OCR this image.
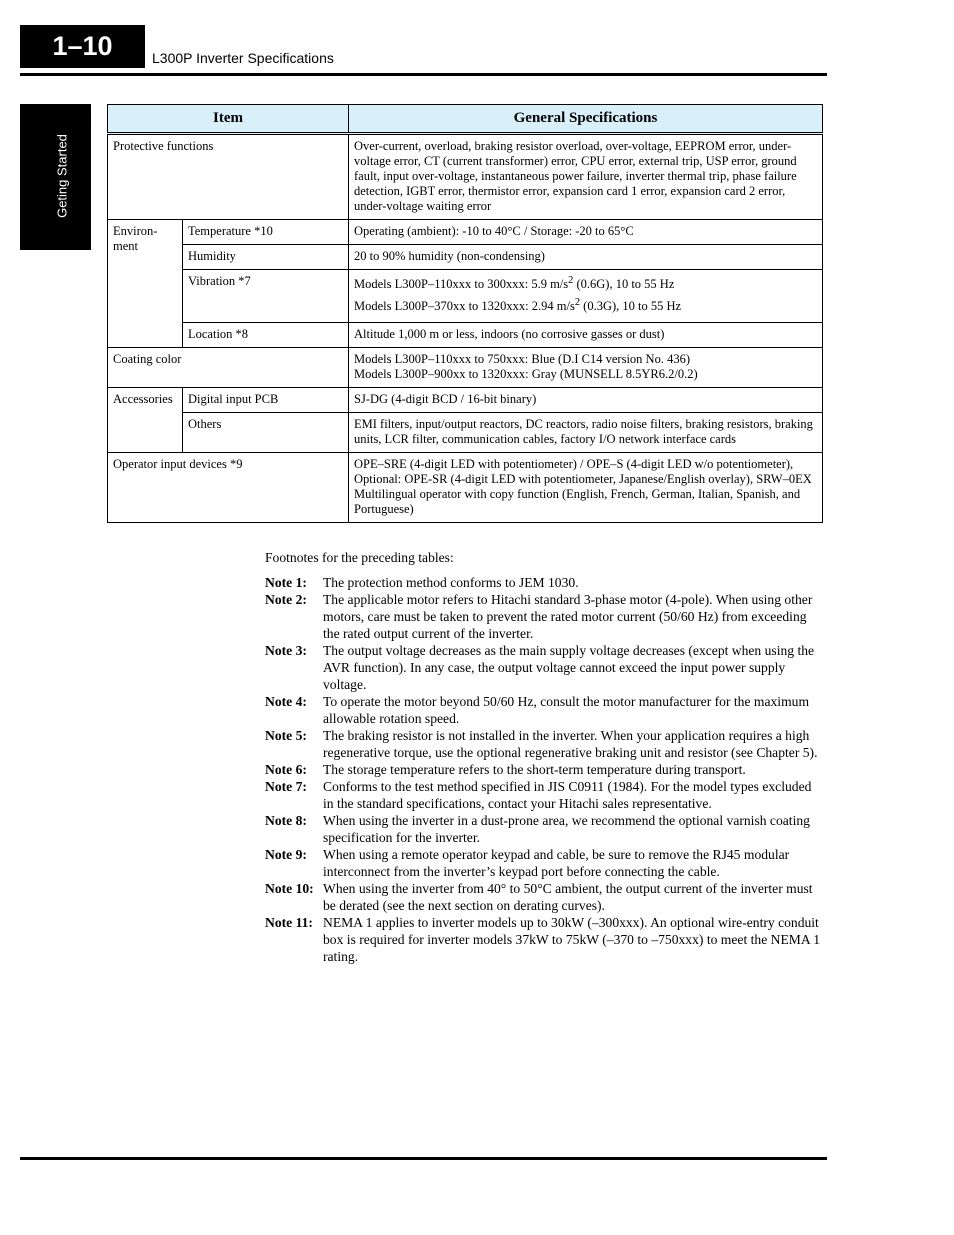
1–10	L300P Inverter Specifications
Geting Started
Item		General Specifications
Protective functions		Over-current, overload, braking resistor overload, over-voltage, EEPROM error, under-voltage error, CT (current transformer) error, CPU error, external trip, USP error, ground fault, input over-voltage, instantaneous power failure, inverter thermal trip, phase failure detection, IGBT error, thermistor error, expansion card 1 error, expansion card 2 error, under-voltage waiting error
Environ-
ment	Temperature *10	Operating (ambient): -10 to 40°C / Storage: -20 to 65°C
	Humidity	20 to 90% humidity (non-condensing)
	Vibration *7	Models L300P–110xxx to 300xxx: 5.9 $m/s^2$ (0.6G), 10 to 55 Hz
Models L300P–370xx to 1320xxx: 2.94 $m/s^2$ (0.3G), 10 to 55 Hz

	Location *8	Altitude 1,000 m or less, indoors (no corrosive gasses or dust)
Coating color		Models L300P–110xxx to 750xxx: Blue (D.I C14 version No. 436)
Models L300P–900xx to 1320xxx: Gray (MUNSELL 8.5YR6.2/0.2)

Accessories	Digital input PCB	SJ-DG (4-digit BCD / 16-bit binary)
	Others	EMI filters, input/output reactors, DC reactors, radio noise filters, braking resistors, braking units, LCR filter, communication cables, factory I/O network interface cards
Operator input devices *9		OPE–SRE (4-digit LED with potentiometer) / OPE–S (4-digit LED w/o potentiometer), Optional: OPE-SR (4-digit LED with potentiometer, Japanese/English overlay), SRW–0EX Multilingual operator with copy function (English, French, German, Italian, Spanish, and Portuguese)
Footnotes for the preceding tables:
Note 1:	The protection method conforms to JEM 1030.
Note 2:	The applicable motor refers to Hitachi standard 3-phase motor (4-pole). When using other motors, care must be taken to prevent the rated motor current (50/60 Hz) from exceeding the rated output current of the inverter.
Note 3:	The output voltage decreases as the main supply voltage decreases (except when using the AVR function). In any case, the output voltage cannot exceed the input power supply voltage.
Note 4:	To operate the motor beyond 50/60 Hz, consult the motor manufacturer for the maximum allowable rotation speed.
Note 5:	The braking resistor is not installed in the inverter. When your application requires a high regenerative torque, use the optional regenerative braking unit and resistor (see Chapter 5).
Note 6:	The storage temperature refers to the short-term temperature during transport.
Note 7:	Conforms to the test method specified in JIS C0911 (1984). For the model types excluded in the standard specifications, contact your Hitachi sales representative.
Note 8:	When using the inverter in a dust-prone area, we recommend the optional varnish coating specification for the inverter.
Note 9:	When using a remote operator keypad and cable, be sure to remove the RJ45 modular interconnect from the inverter’s keypad port before connecting the cable.
Note 10: When using the inverter from 40° to 50°C ambient, the output current of the inverter must be derated (see the next section on derating curves).
Note 11: NEMA 1 applies to inverter models up to 30kW (–300xxx). An optional wire-entry conduit box is required for inverter models 37kW to 75kW (–370 to –750xxx) to meet the NEMA 1 rating.
